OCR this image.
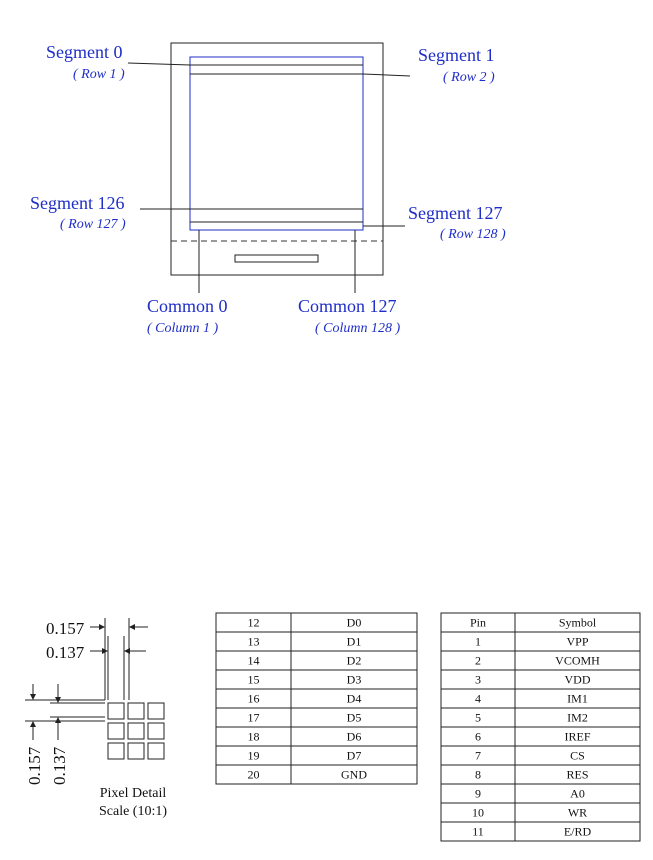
Segment 0
( Row 1 )
Segment 1
( Row 2 )
Segment 126
( Row 127 )
Segment 127
( Row 128 )
Common 0
( Column 1 )
Common 127
( Column 128 )
0.157
0.137
0.157 0.137
Pixel Detail
Scale (10:1)
12	D0
13	D1
14	D2
15	D3
16	D4
17	D5
18	D6
19	D7
20	GND
Pin	Symbol
1	VPP
2	VCOMH
3	VDD
4	IM1
5	IM2
6	IREF
7	CS
8	RES
9	A0
10	WR
11	E/RD
